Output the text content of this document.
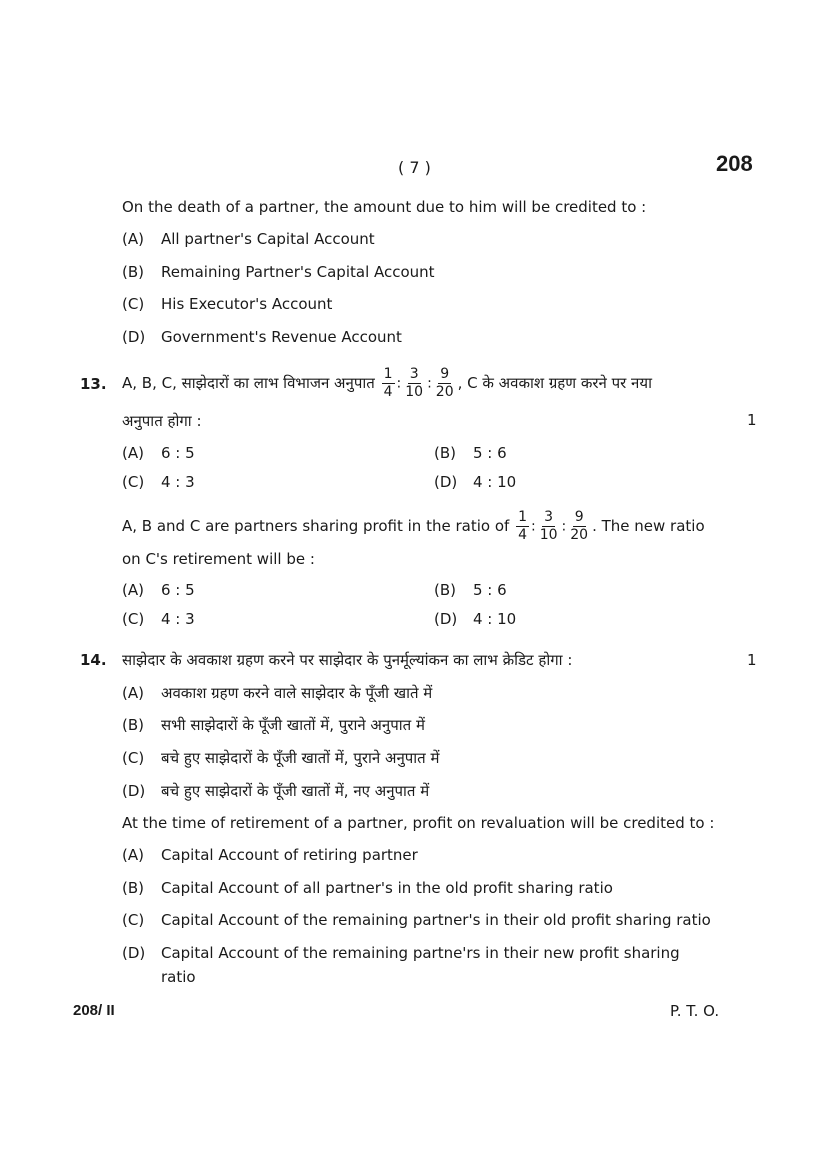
( 7 )	208
On the death of a partner, the amount due to him will be credited to :
(A) All partner's Capital Account
(B) Remaining Partner's Capital Account
(C) His Executor's Account
(D) Government's Revenue Account
13. A, B, C, साझेदारों का लाभ विभाजन अनुपात $\frac{1}{4}$ : $\frac{3}{10}$ : $\frac{9}{20}$ , C के अवकाश ग्रहण करने पर नया
अनुपात होगा :	1
(A) 6 : 5	(B) 5 : 6
(C) 4 : 3	(D) 4 : 10
A, B and C are partners sharing profit in the ratio of $\frac{1}{4}$ : $\frac{3}{10}$ : $\frac{9}{20}$ . The new ratio
on C's retirement will be :
(A) 6 : 5	(B) 5 : 6
(C) 4 : 3	(D) 4 : 10
14. साझेदार के अवकाश ग्रहण करने पर साझेदार के पुनर्मूल्यांकन का लाभ क्रेडिट होगा :	1
(A) अवकाश ग्रहण करने वाले साझेदार के पूँजी खाते में
(B) सभी साझेदारों के पूँजी खातों में, पुराने अनुपात में
(C) बचे हुए साझेदारों के पूँजी खातों में, पुराने अनुपात में
(D) बचे हुए साझेदारों के पूँजी खातों में, नए अनुपात में
At the time of retirement of a partner, profit on revaluation will be credited to :
(A) Capital Account of retiring partner
(B) Capital Account of all partner's in the old profit sharing ratio
(C) Capital Account of the remaining partner's in their old profit sharing ratio
(D) Capital Account of the remaining partne'rs in their new profit sharing
ratio
208/ II	P. T. O.
